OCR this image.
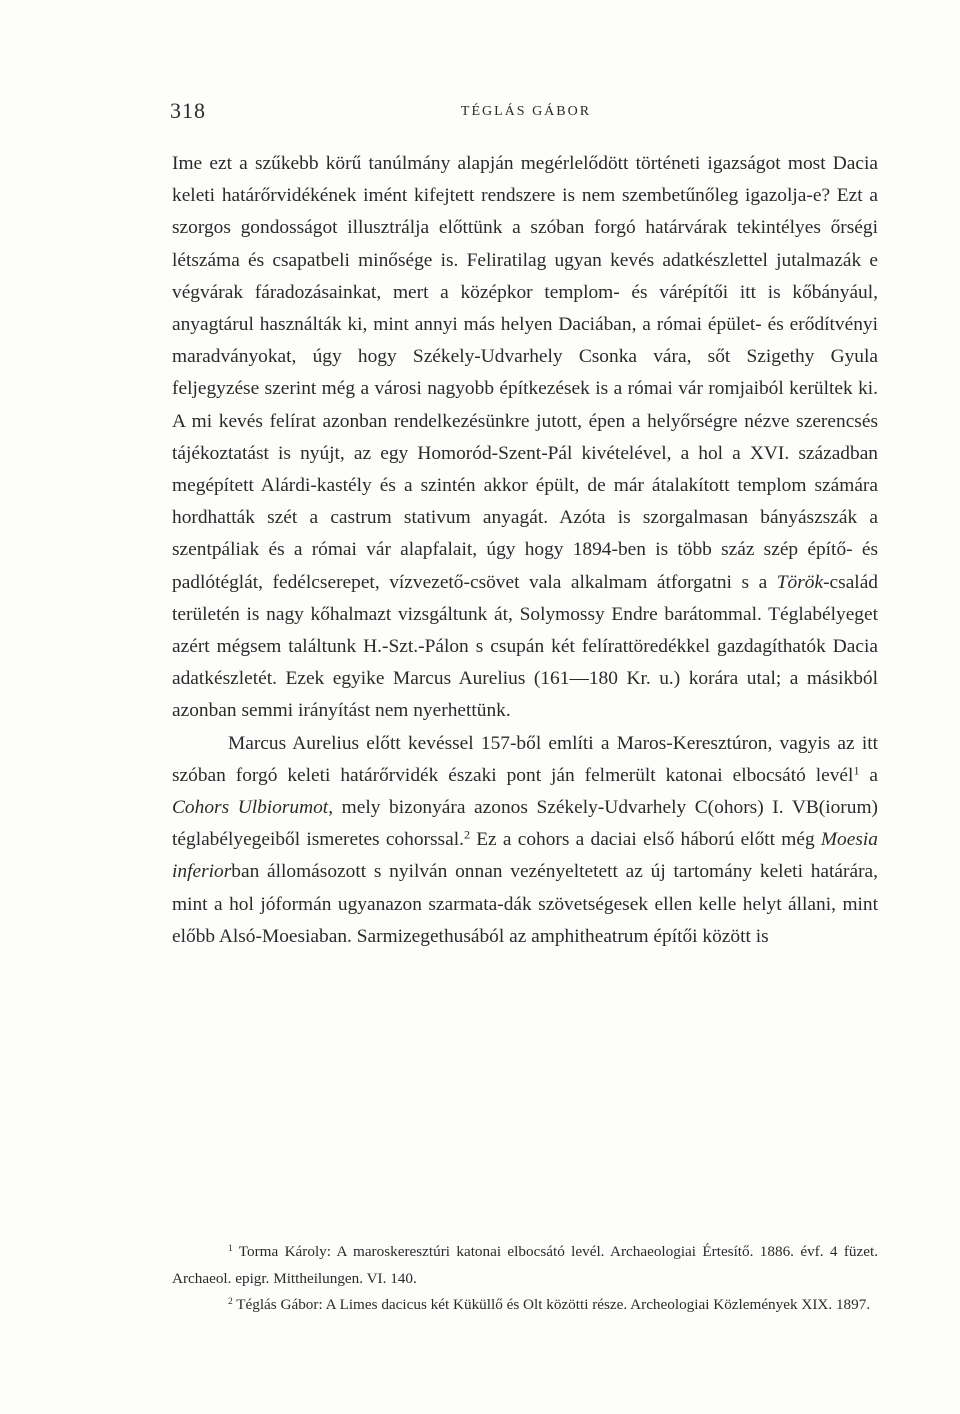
318	TÉGLÁS GÁBOR

Ime ezt a szűkebb körű tanúlmány alapján megérlelődött történeti igazságot most Dacia keleti határőrvidékének imént kifejtett rendszere is nem szembetűnőleg igazolja-e? Ezt a szorgos gondosságot illusztrálja előttünk a szóban forgó határvárak tekintélyes őrségi létszáma és csapatbeli minősége is. Feliratilag ugyan kevés adatkészlettel jutalmazák e végvárak fáradozásainkat, mert a középkor templom- és várépítői itt is kőbányául, anyagtárul használták ki, mint annyi más helyen Daciában, a római épület- és erődítvényi maradványokat, úgy hogy Székely-Udvarhely Csonka vára, sőt Szigethy Gyula feljegyzése szerint még a városi nagyobb építkezések is a római vár romjaiból kerültek ki. A mi kevés felírat azonban rendelkezésünkre jutott, épen a helyőrségre nézve szerencsés tájékoztatást is nyújt, az egy Homoród-Szent-Pál kivételével, a hol a XVI. században megépített Alárdi-kastély és a szintén akkor épült, de már átalakított templom számára hordhatták szét a castrum stativum anyagát. Azóta is szorgalmasan bányászszák a szentpáliak és a római vár alapfalait, úgy hogy 1894-ben is több száz szép építő- és padlótéglát, fedélcserepet, vízvezető-csövet vala alkalmam átforgatni s a Török-család területén is nagy kőhalmazt vizsgáltunk át, Solymossy Endre barátommal. Téglabélyeget azért mégsem találtunk H.-Szt.-Pálon s csupán két felírattöredékkel gazdagíthatók Dacia adatkészletét. Ezek egyike Marcus Aurelius (161—180 Kr. u.) korára utal; a másikból azonban semmi irányítást nem nyerhettünk.

Marcus Aurelius előtt kevéssel 157-ből említi a Maros-Keresztúron, vagyis az itt szóban forgó keleti határőrvidék északi pont ján felmerült katonai elbocsátó levél$^1$ a Cohors Ulbiorumot, mely bizonyára azonos Székely-Udvarhely C(ohors) I. VB(iorum) téglabélyegeiből ismeretes cohorssal.$^2$ Ez a cohors a daciai első háború előtt még Moesia inferiorban állomásozott s nyilván onnan vezényeltetett az új tartomány keleti határára, mint a hol jóformán ugyanazon szarmata-dák szövetségesek ellen kelle helyt állani, mint előbb Alsó-Moesiaban. Sarmizegethusából az amphitheatrum építői között is

$^1$ Torma Károly: A maroskeresztúri katonai elbocsátó levél. Archaeologiai Értesítő. 1886. évf. 4 füzet. Archaeol. epigr. Mittheilungen. VI. 140.

$^2$ Téglás Gábor: A Limes dacicus két Küküllő és Olt közötti része. Archeologiai Közlemények XIX. 1897.
